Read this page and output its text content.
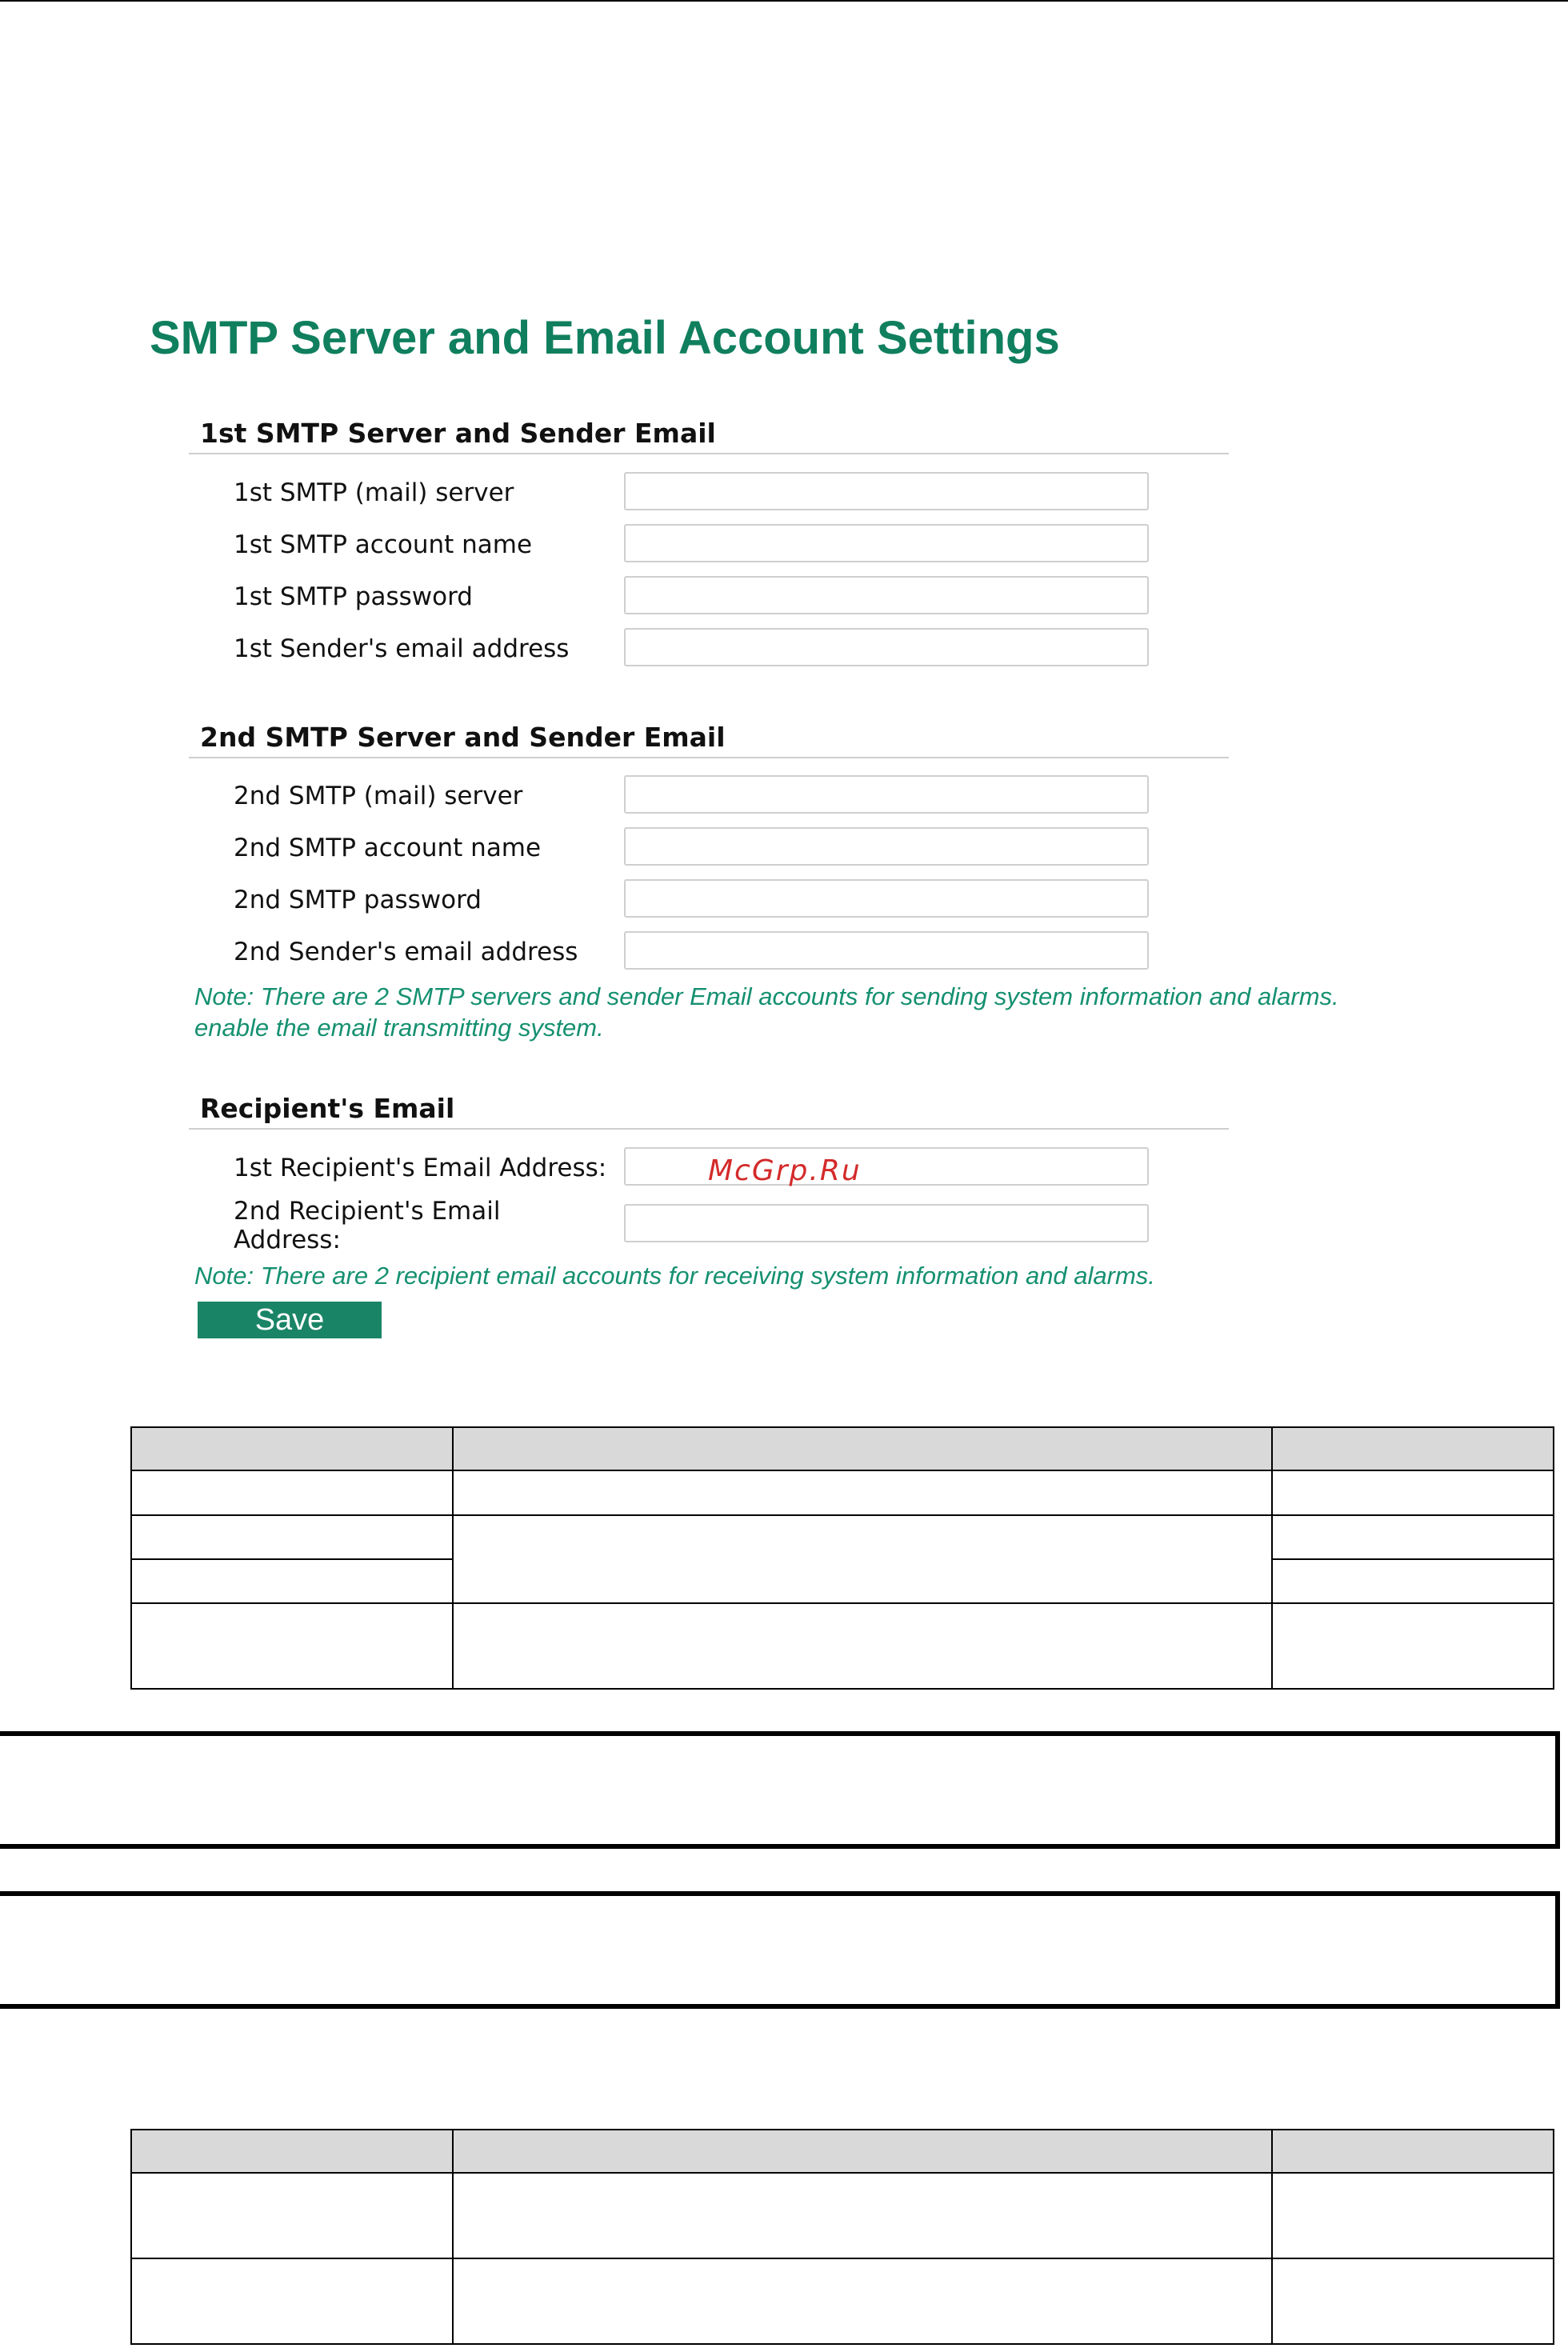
SMTP Server and Email Account Settings
1st SMTP Server and Sender Email
1st SMTP (mail) server
1st SMTP account name
1st SMTP password
1st Sender's email address
2nd SMTP Server and Sender Email
2nd SMTP (mail) server
2nd SMTP account name
2nd SMTP password
2nd Sender's email address

Note: There are 2 SMTP servers and sender Email accounts for sending system information and alarms.

enable the email transmitting system.

Recipient's Email
1st Recipient's Email Address:
2nd Recipient's Email Address:

Note: There are 2 recipient email accounts for receiving system information and alarms.

Save
McGrp.Ru
